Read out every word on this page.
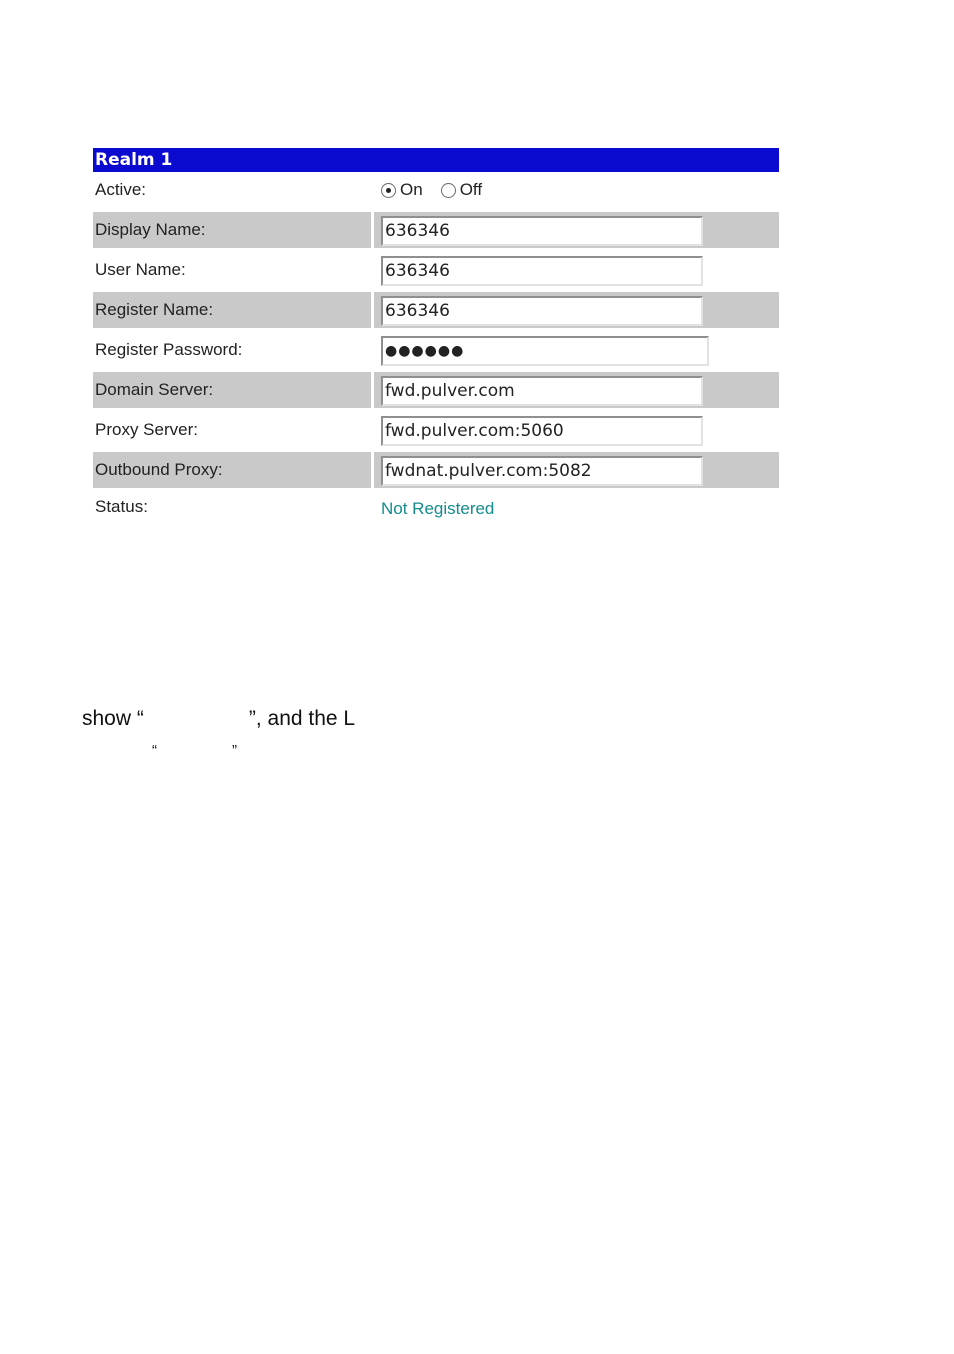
Realm 1
Active:	On Off
Display Name:
636346
User Name:
636346
Register Name:
636346
Register Password:
●●●●●●
Domain Server:
fwd.pulver.com
Proxy Server:
fwd.pulver.com:5060
Outbound Proxy:
fwdnat.pulver.com:5082
Status:	Not Registered
show “                  ”, and the L
“                  ”
